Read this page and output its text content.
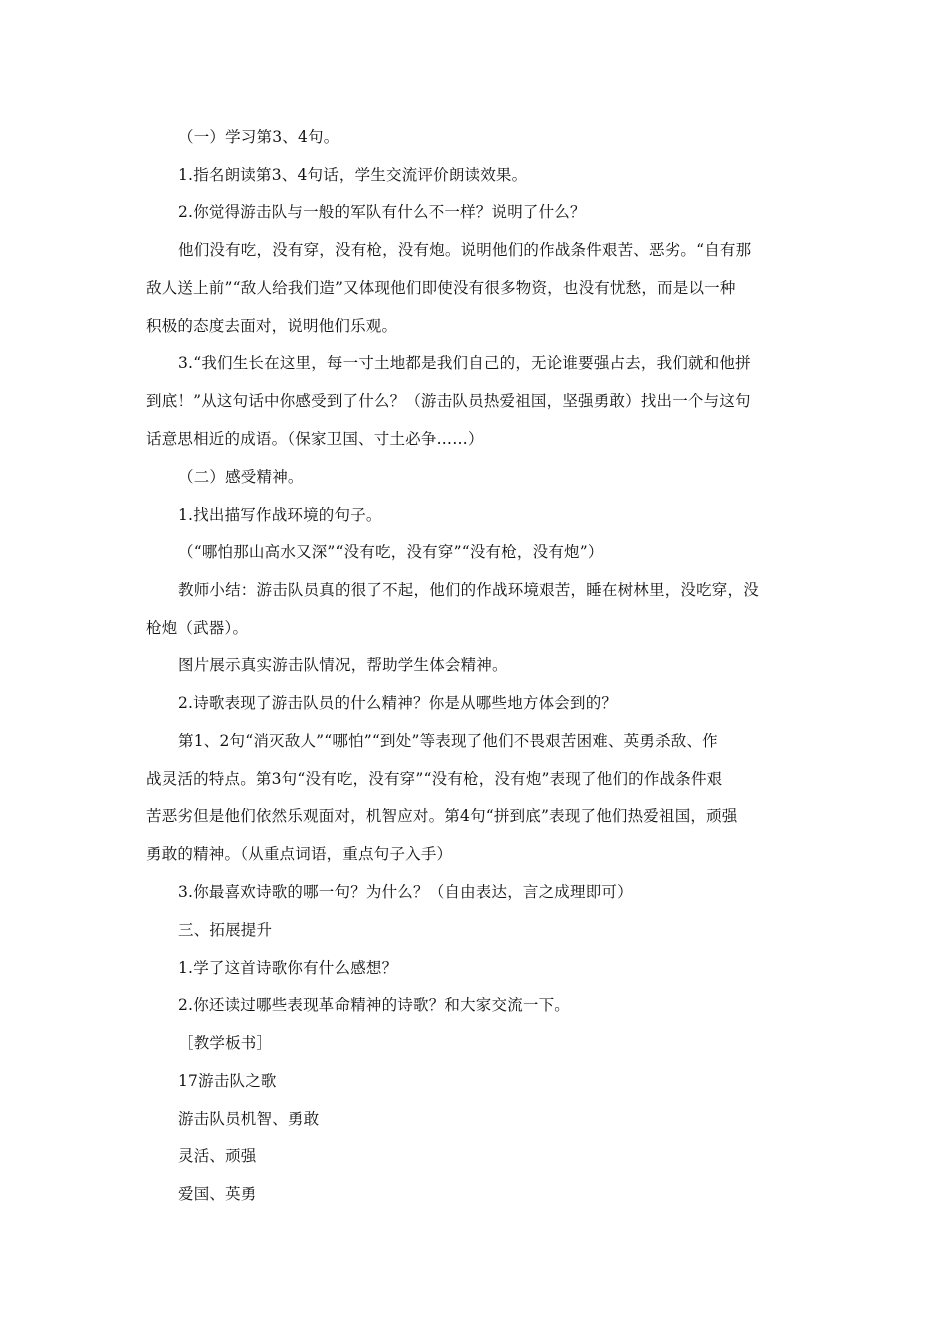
（一）学习第3、4句。
1.指名朗读第3、4句话，学生交流评价朗读效果。
2.你觉得游击队与一般的军队有什么不一样？说明了什么？
他们没有吃，没有穿，没有枪，没有炮。说明他们的作战条件艰苦、恶劣。“自有那
敌人送上前”“敌人给我们造”又体现他们即使没有很多物资，也没有忧愁，而是以一种
积极的态度去面对，说明他们乐观。
3.“我们生长在这里，每一寸土地都是我们自己的，无论谁要强占去，我们就和他拼
到底！”从这句话中你感受到了什么？（游击队员热爱祖国，坚强勇敢）找出一个与这句
话意思相近的成语。（保家卫国、寸土必争……）
（二）感受精神。
1.找出描写作战环境的句子。
（“哪怕那山高水又深”“没有吃，没有穿”“没有枪，没有炮”）
教师小结：游击队员真的很了不起，他们的作战环境艰苦，睡在树林里，没吃穿，没
枪炮（武器）。
图片展示真实游击队情况，帮助学生体会精神。
2.诗歌表现了游击队员的什么精神？你是从哪些地方体会到的？
第1、2句“消灭敌人”“哪怕”“到处”等表现了他们不畏艰苦困难、英勇杀敌、作
战灵活的特点。第3句“没有吃，没有穿”“没有枪，没有炮”表现了他们的作战条件艰
苦恶劣但是他们依然乐观面对，机智应对。第4句“拼到底”表现了他们热爱祖国，顽强
勇敢的精神。（从重点词语，重点句子入手）
3.你最喜欢诗歌的哪一句？为什么？（自由表达，言之成理即可）
三、拓展提升
1.学了这首诗歌你有什么感想？
2.你还读过哪些表现革命精神的诗歌？和大家交流一下。
［教学板书］
17游击队之歌
游击队员机智、勇敢
灵活、顽强
爱国、英勇
